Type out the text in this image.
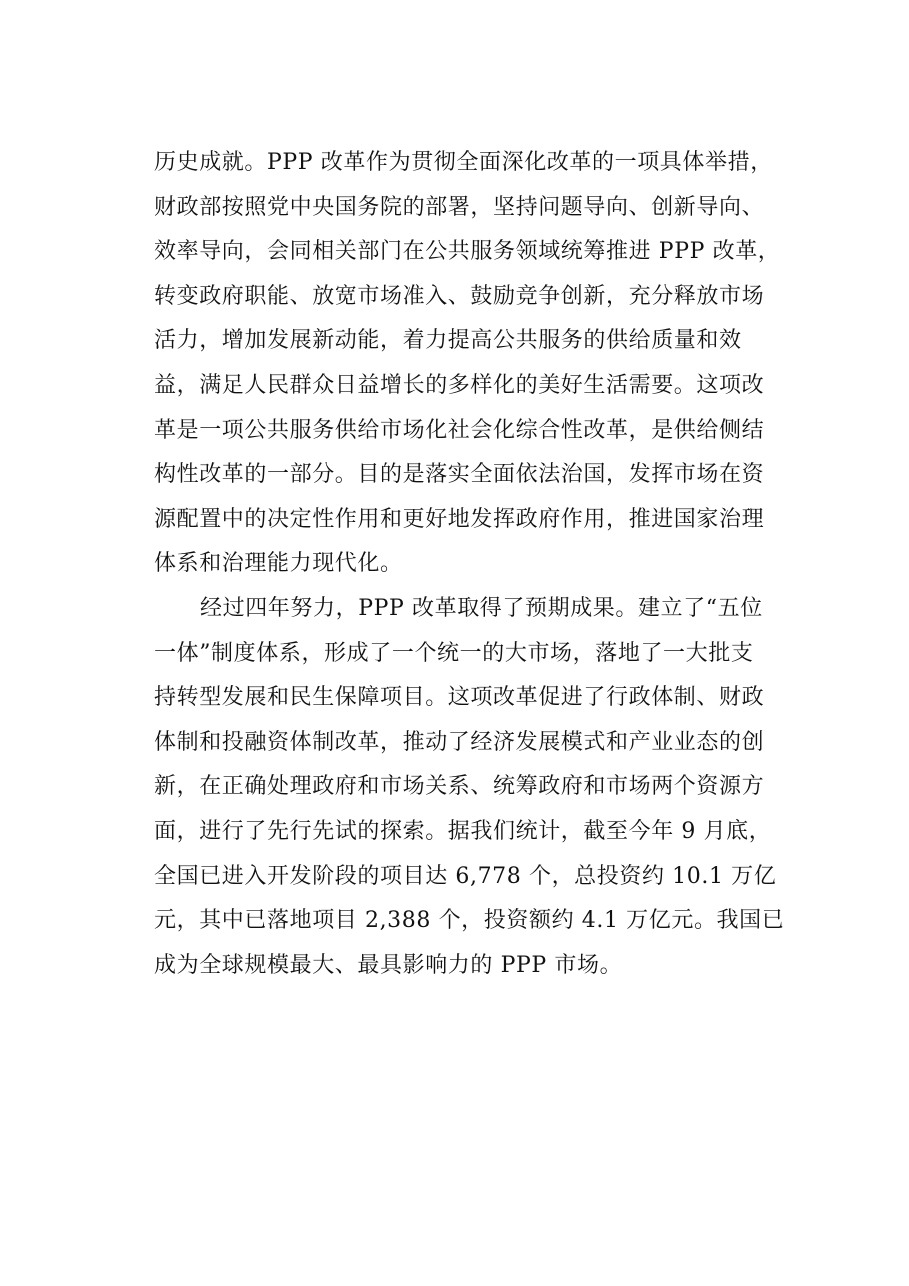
历史成就。PPP 改革作为贯彻全面深化改革的一项具体举措，
财政部按照党中央国务院的部署，坚持问题导向、创新导向、
效率导向，会同相关部门在公共服务领域统筹推进 PPP 改革，
转变政府职能、放宽市场准入、鼓励竞争创新，充分释放市场
活力，增加发展新动能，着力提高公共服务的供给质量和效
益，满足人民群众日益增长的多样化的美好生活需要。这项改
革是一项公共服务供给市场化社会化综合性改革，是供给侧结
构性改革的一部分。目的是落实全面依法治国，发挥市场在资
源配置中的决定性作用和更好地发挥政府作用，推进国家治理
体系和治理能力现代化。
经过四年努力，PPP 改革取得了预期成果。建立了“五位
一体”制度体系，形成了一个统一的大市场，落地了一大批支
持转型发展和民生保障项目。这项改革促进了行政体制、财政
体制和投融资体制改革，推动了经济发展模式和产业业态的创
新，在正确处理政府和市场关系、统筹政府和市场两个资源方
面，进行了先行先试的探索。据我们统计，截至今年 9 月底，
全国已进入开发阶段的项目达 6,778 个，总投资约 10.1 万亿
元，其中已落地项目 2,388 个，投资额约 4.1 万亿元。我国已
成为全球规模最大、最具影响力的 PPP 市场。
